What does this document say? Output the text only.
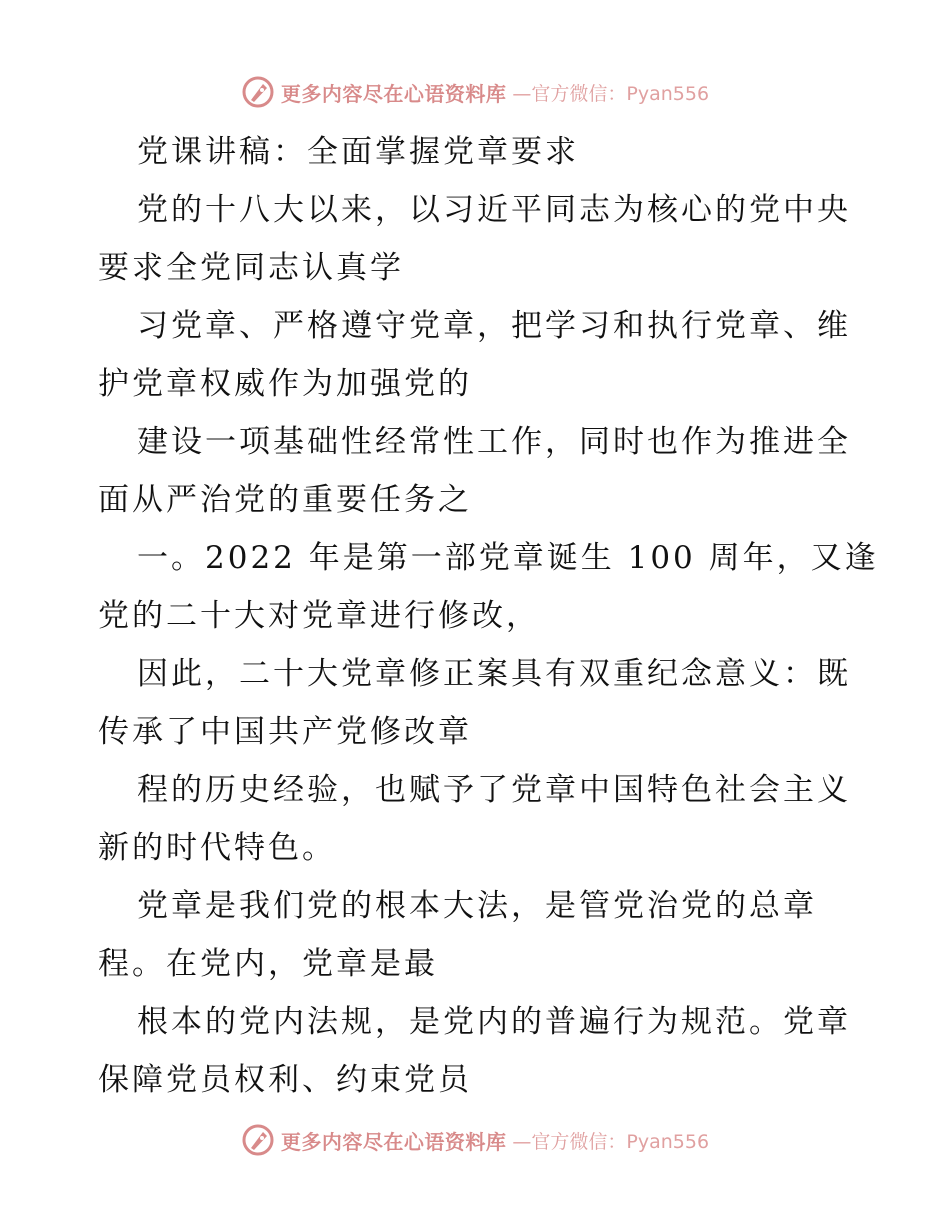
更多内容尽在心语资料库 —官方微信：Pyan556
党课讲稿：全面掌握党章要求
党的十八大以来，以习近平同志为核心的党中央
要求全党同志认真学
习党章、严格遵守党章，把学习和执行党章、维
护党章权威作为加强党的
建设一项基础性经常性工作，同时也作为推进全
面从严治党的重要任务之
一。2022 年是第一部党章诞生 100 周年，又逢
党的二十大对党章进行修改，
因此，二十大党章修正案具有双重纪念意义：既
传承了中国共产党修改章
程的历史经验，也赋予了党章中国特色社会主义
新的时代特色。
党章是我们党的根本大法，是管党治党的总章
程。在党内，党章是最
根本的党内法规，是党内的普遍行为规范。党章
保障党员权利、约束党员
更多内容尽在心语资料库 —官方微信：Pyan556
